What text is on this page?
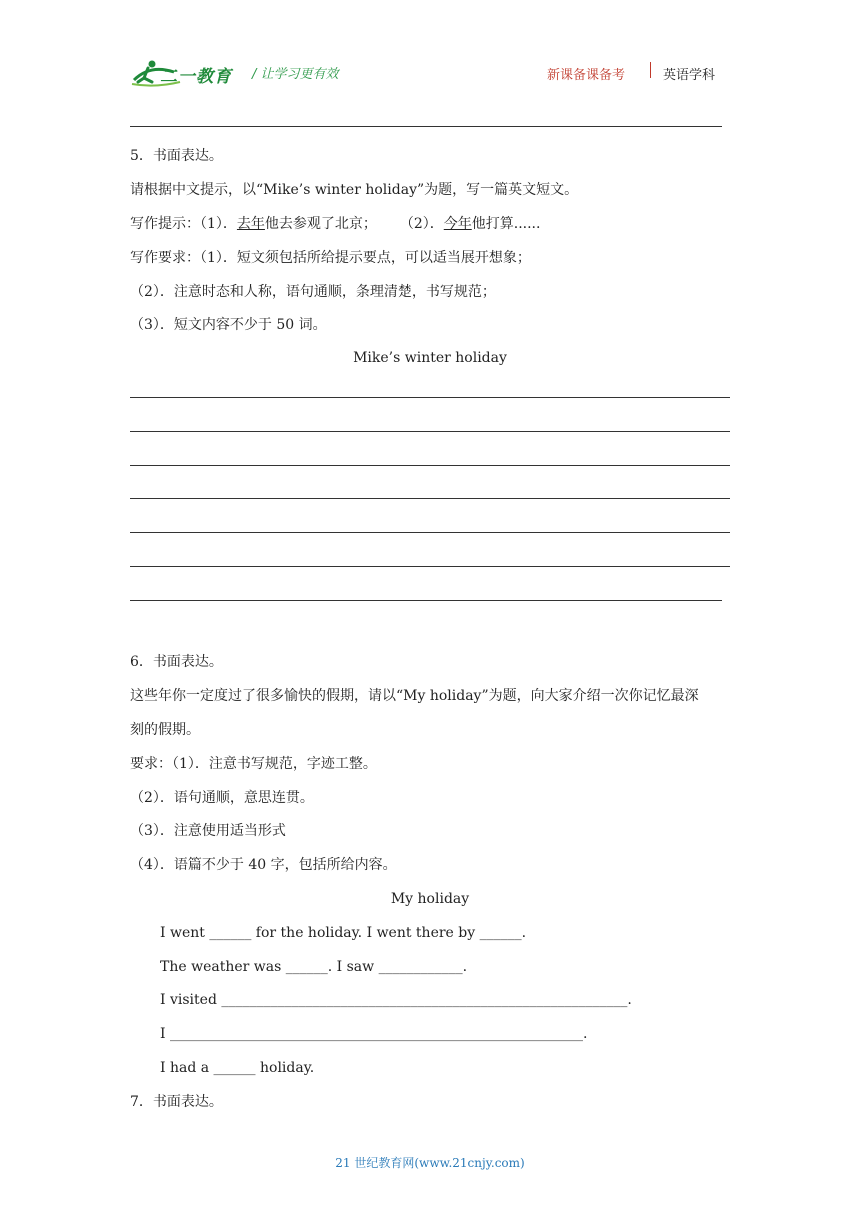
二一教育 / 让学习更有效	新课备课备考	英语学科
5．书面表达。
请根据中文提示，以“Mike’s winter holiday”为题，写一篇英文短文。
写作提示：（1）．去年他去参观了北京； （2）．今年他打算......
写作要求：（1）．短文须包括所给提示要点，可以适当展开想象；
（2）．注意时态和人称，语句通顺，条理清楚，书写规范；
（3）．短文内容不少于 50 词。
Mike’s winter holiday
6．书面表达。
这些年你一定度过了很多愉快的假期，请以“My holiday”为题，向大家介绍一次你记忆最深
刻的假期。
要求：（1）．注意书写规范，字迹工整。
（2）．语句通顺，意思连贯。
（3）．注意使用适当形式
（4）．语篇不少于 40 字，包括所给内容。
My holiday
I went ______ for the holiday. I went there by ______.
The weather was ______. I saw ____________.
I visited __________________________________________________________.
I ___________________________________________________________.
I had a ______ holiday.
7．书面表达。
21 世纪教育网(www.21cnjy.com)
